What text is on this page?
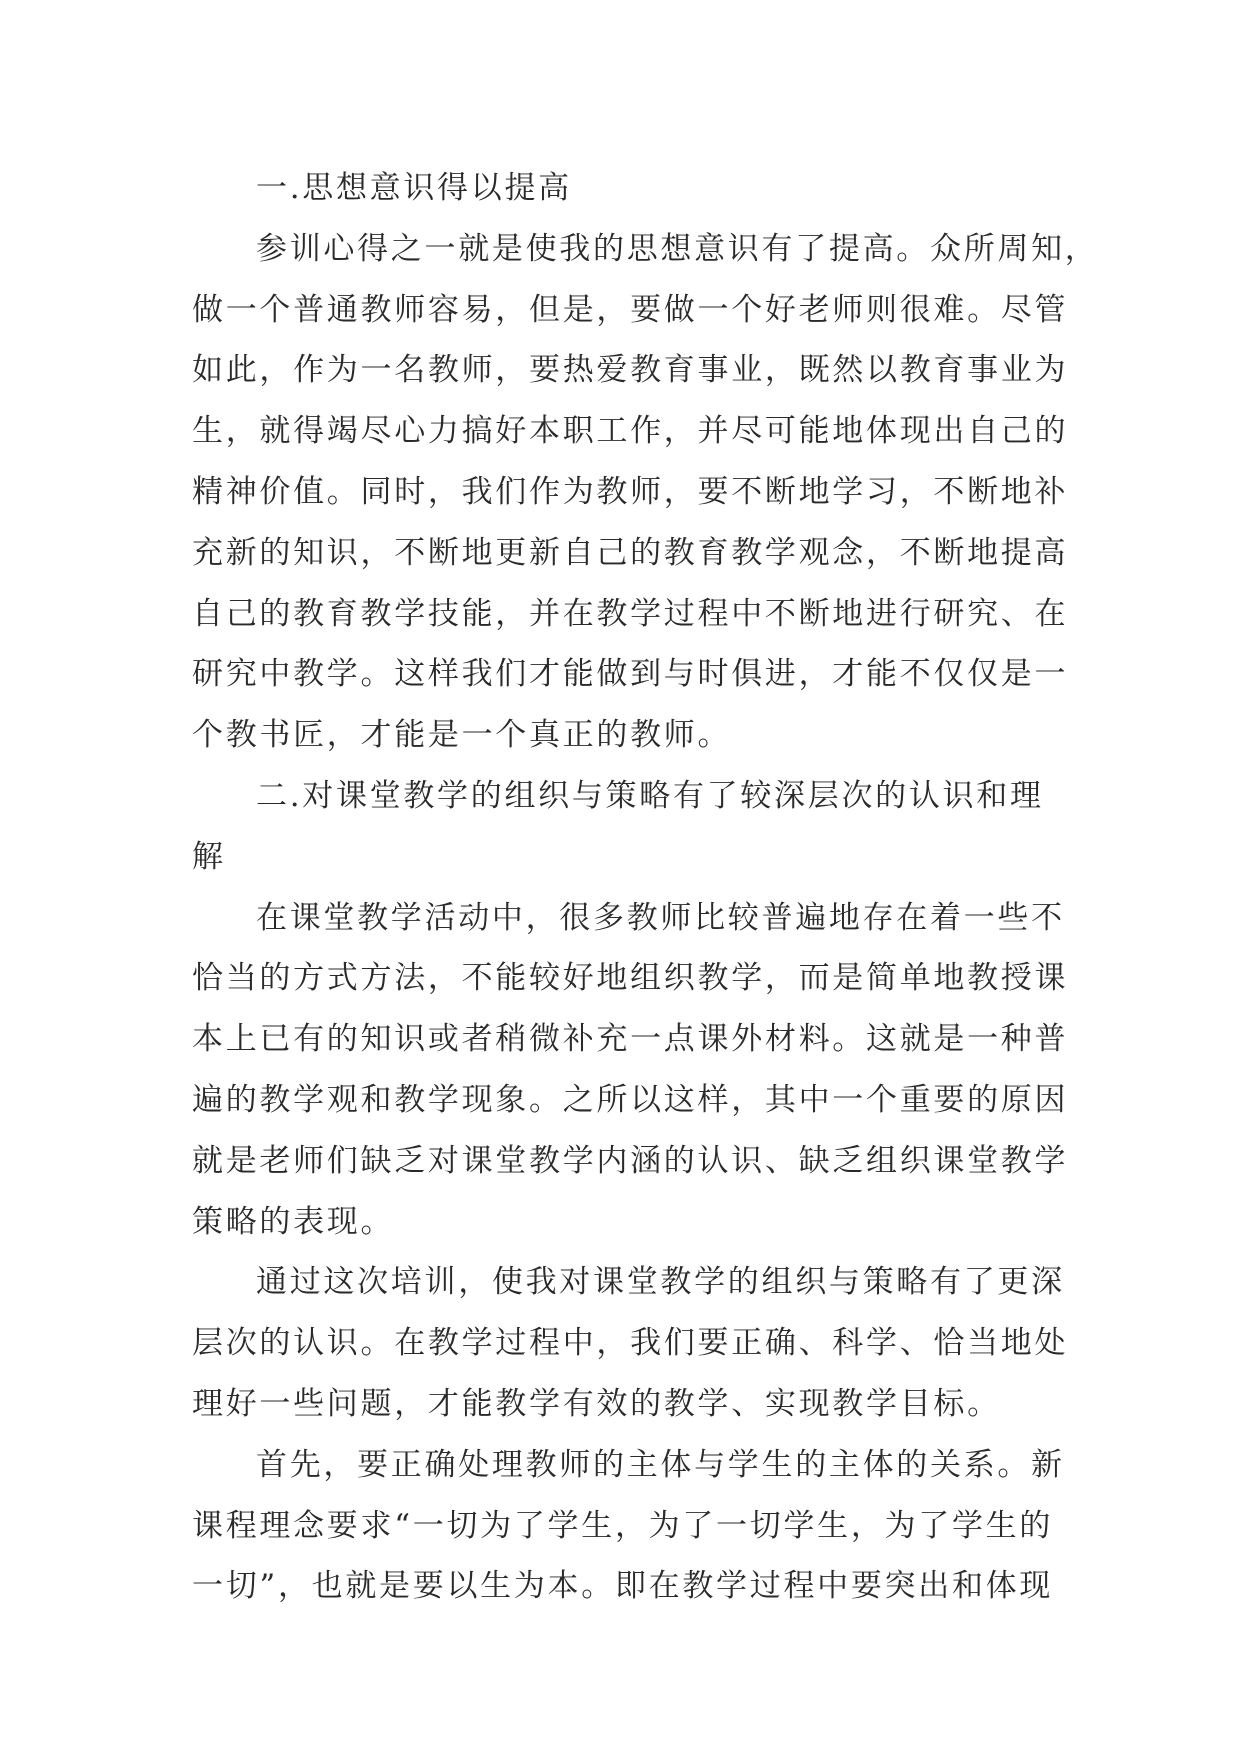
一.思想意识得以提高
参训心得之一就是使我的思想意识有了提高。众所周知，
做一个普通教师容易，但是，要做一个好老师则很难。尽管
如此，作为一名教师，要热爱教育事业，既然以教育事业为
生，就得竭尽心力搞好本职工作，并尽可能地体现出自己的
精神价值。同时，我们作为教师，要不断地学习，不断地补
充新的知识，不断地更新自己的教育教学观念，不断地提高
自己的教育教学技能，并在教学过程中不断地进行研究、在
研究中教学。这样我们才能做到与时俱进，才能不仅仅是一
个教书匠，才能是一个真正的教师。
二.对课堂教学的组织与策略有了较深层次的认识和理
解
在课堂教学活动中，很多教师比较普遍地存在着一些不
恰当的方式方法，不能较好地组织教学，而是简单地教授课
本上已有的知识或者稍微补充一点课外材料。这就是一种普
遍的教学观和教学现象。之所以这样，其中一个重要的原因
就是老师们缺乏对课堂教学内涵的认识、缺乏组织课堂教学
策略的表现。
通过这次培训，使我对课堂教学的组织与策略有了更深
层次的认识。在教学过程中，我们要正确、科学、恰当地处
理好一些问题，才能教学有效的教学、实现教学目标。
首先，要正确处理教师的主体与学生的主体的关系。新
课程理念要求“一切为了学生，为了一切学生，为了学生的
一切”，也就是要以生为本。即在教学过程中要突出和体现
